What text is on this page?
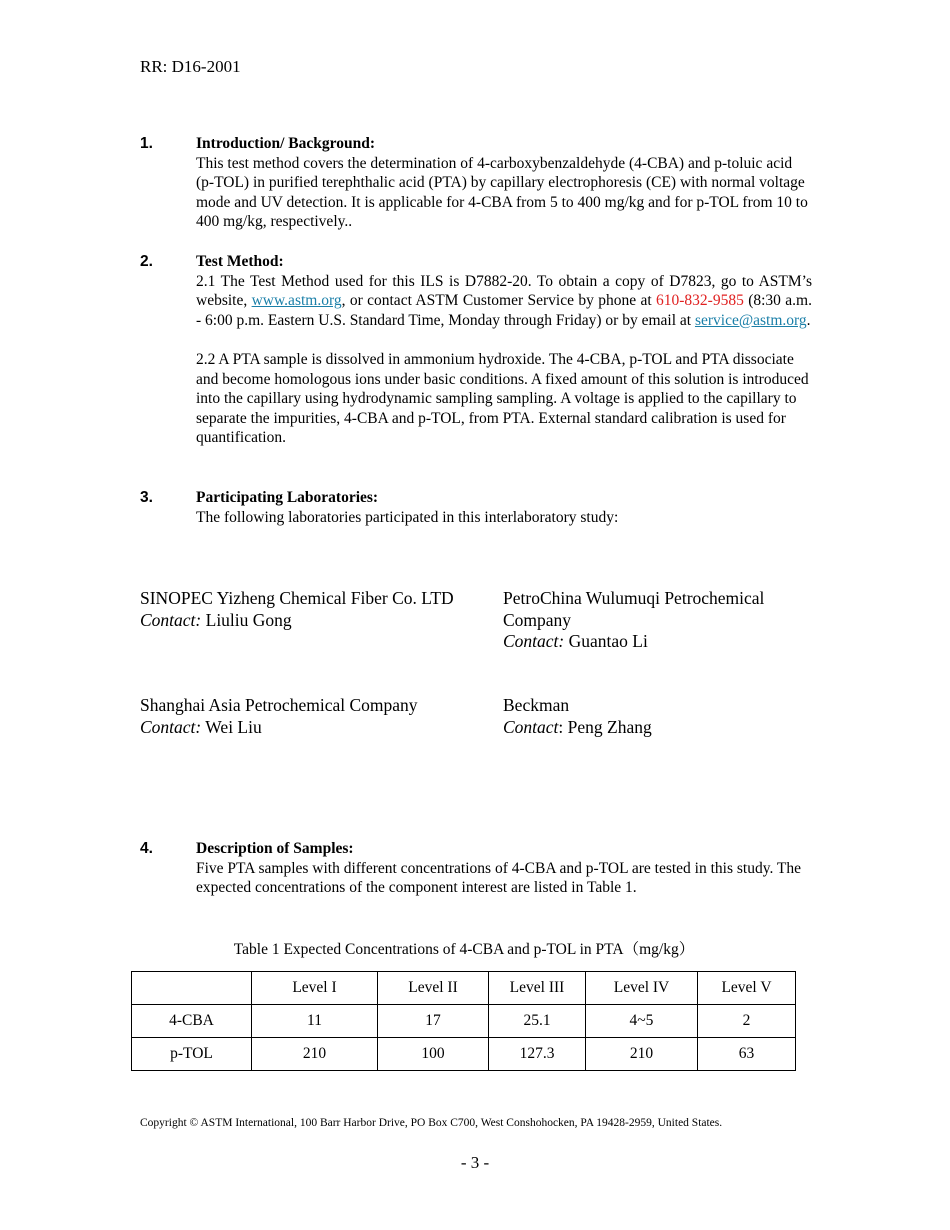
RR: D16-2001
1.	Introduction/ Background:
This test method covers the determination of 4-carboxybenzaldehyde (4-CBA) and p-toluic acid (p-TOL) in purified terephthalic acid (PTA) by capillary electrophoresis (CE) with normal voltage mode and UV detection. It is applicable for 4-CBA from 5 to 400 mg/kg and for p-TOL from 10 to 400 mg/kg, respectively..
2.	Test Method:
2.1 The Test Method used for this ILS is D7882-20. To obtain a copy of D7823, go to ASTM’s website, www.astm.org, or contact ASTM Customer Service by phone at 610-832-9585 (8:30 a.m. - 6:00 p.m. Eastern U.S. Standard Time, Monday through Friday) or by email at service@astm.org.
2.2 A PTA sample is dissolved in ammonium hydroxide. The 4-CBA, p-TOL and PTA dissociate and become homologous ions under basic conditions. A fixed amount of this solution is introduced into the capillary using hydrodynamic sampling sampling. A voltage is applied to the capillary to separate the impurities, 4-CBA and p-TOL, from PTA. External standard calibration is used for quantification.
3.	Participating Laboratories:
The following laboratories participated in this interlaboratory study:
SINOPEC Yizheng Chemical Fiber Co. LTD
Contact: Liuliu Gong
PetroChina Wulumuqi Petrochemical Company
Contact: Guantao Li
Shanghai Asia Petrochemical Company
Contact: Wei Liu
Beckman
Contact: Peng Zhang
4.	Description of Samples:
Five PTA samples with different concentrations of 4-CBA and p-TOL are tested in this study. The expected concentrations of the component interest are listed in Table 1.
Table 1 Expected Concentrations of 4-CBA and p-TOL in PTA（mg/kg）
	Level I	Level II	Level III	Level IV	Level V
4-CBA	11	17	25.1	4~5	2
p-TOL	210	100	127.3	210	63
Copyright © ASTM International, 100 Barr Harbor Drive, PO Box C700, West Conshohocken, PA 19428-2959, United States.
- 3 -
